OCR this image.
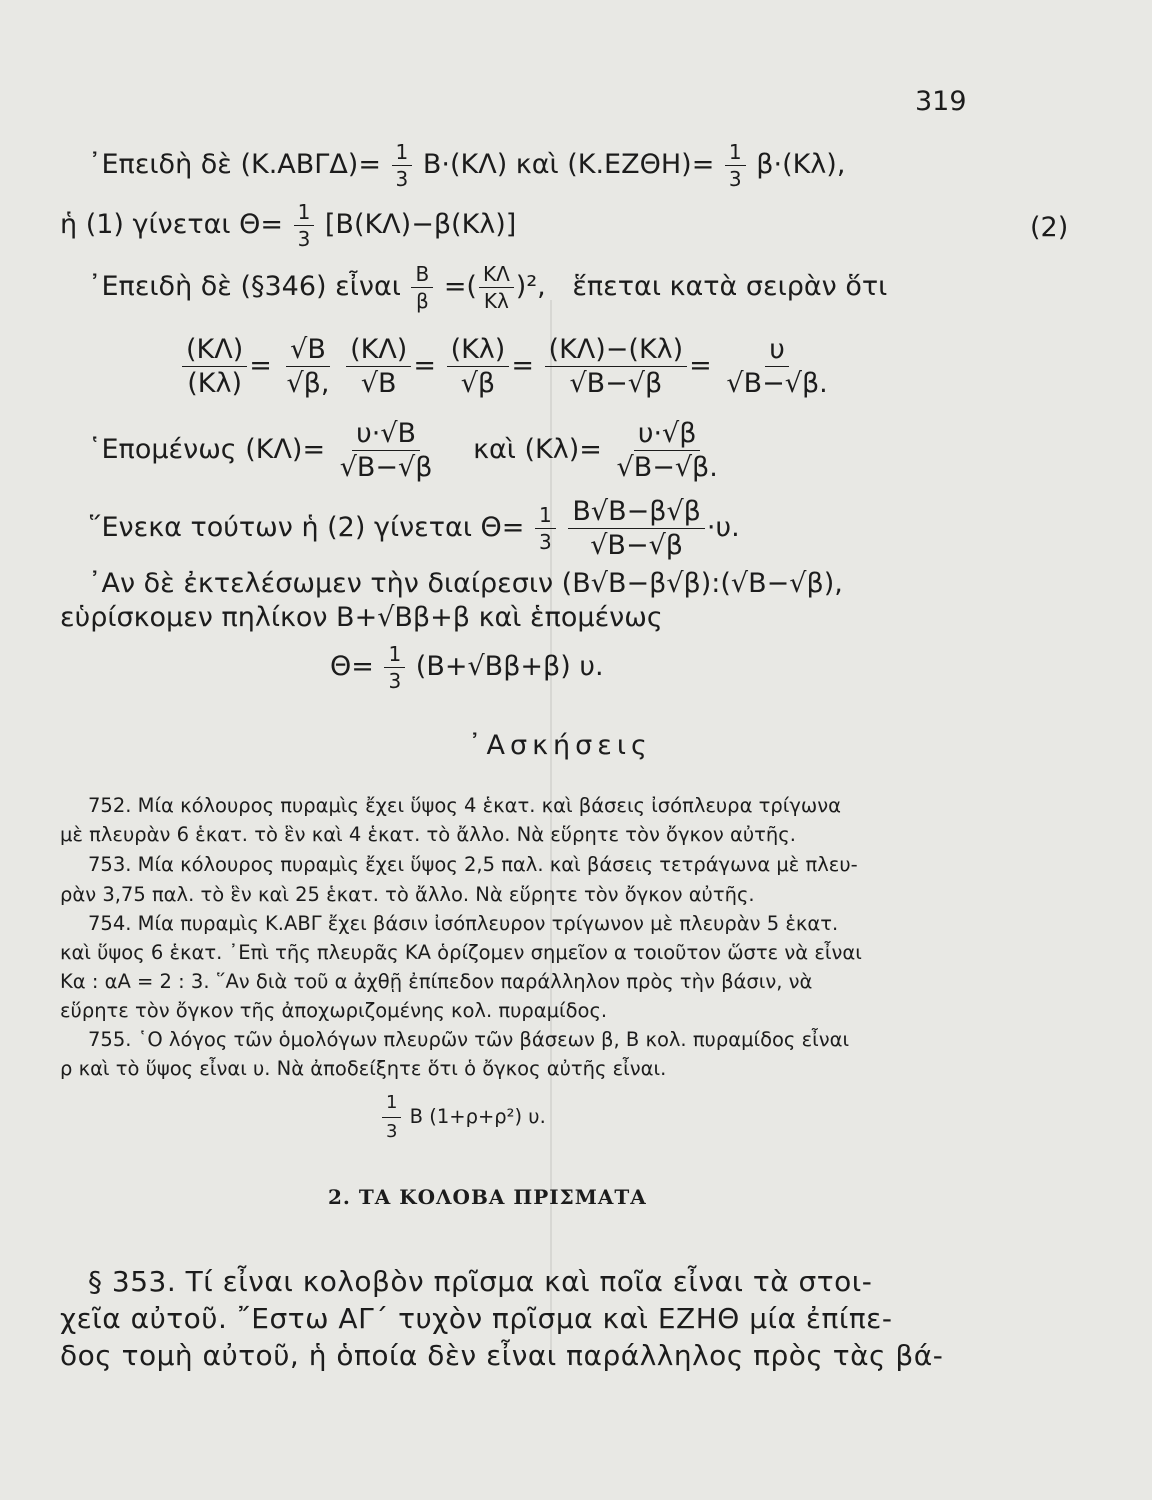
319
᾿Επειδὴ δὲ $(K.AB\Gamma\Delta)= \frac{1}{3} B\cdot(K\Lambda)$ καὶ $(K.EZ\Theta H)= \frac{1}{3} \beta\cdot(K\lambda)$,
ἡ (1) γίνεται $\Theta= \frac{1}{3} [B(K\Lambda)-\beta(K\lambda)]$	(2)
᾿Επειδὴ δὲ (§346) εἶναι $\frac{B}{\beta}$ =( $\frac{K\Lambda}{K\lambda} )^2$, ἕπεται κατὰ σειρὰν ὅτι
$\frac{(K\Lambda)}{(K\lambda)} = \frac{√B}{√\beta,}$
$\frac{(K\Lambda)}{√B} = \frac{(K\lambda)}{√\beta} = \frac{(K\Lambda)-(K\lambda)}{√B-√\beta} = \frac{\upsilon}{√B-√\beta.}$
῾Επομένως $(K\Lambda)= \frac{\upsilon\cdot√B}{√B-√\beta}$ καὶ $(K\lambda)= \frac{\upsilon\cdot√\beta}{√B-√\beta.}$
῞Ενεκα τούτων ἡ (2) γίνεται $\Theta= \frac{1}{3}$
$\frac{B√B-\beta√\beta}{√B-√\beta} \cdot\upsilon$.
᾿Αν δὲ ἐκτελέσωμεν τὴν διαίρεσιν (Β√Β−β√β):(√Β−√β),
εὑρίσκομεν πηλίκον Β+√Ββ+β καὶ ἑπομένως
$\Theta= \frac{1}{3} (B+√B\beta+\beta)$ υ.
᾿Ασκήσεις
752. Μία κόλουρος πυραμὶς ἔχει ὕψος 4 ἑκατ. καὶ βάσεις ἰσόπλευρα τρίγωνα
μὲ πλευρὰν 6 ἑκατ. τὸ ἓν καὶ 4 ἑκατ. τὸ ἄλλο. Νὰ εὕρητε τὸν ὄγκον αὐτῆς.
753. Μία κόλουρος πυραμὶς ἔχει ὕψος 2,5 παλ. καὶ βάσεις τετράγωνα μὲ πλευ-
ρὰν 3,75 παλ. τὸ ἓν καὶ 25 ἑκατ. τὸ ἄλλο. Νὰ εὕρητε τὸν ὄγκον αὐτῆς.
754. Μία πυραμὶς Κ.ΑΒΓ ἔχει βάσιν ἰσόπλευρον τρίγωνον μὲ πλευρὰν 5 ἑκατ.
καὶ ὕψος 6 ἑκατ. ᾿Επὶ τῆς πλευρᾶς ΚΑ ὁρίζομεν σημεῖον α τοιοῦτον ὥστε νὰ εἶναι
Κα : αΑ = 2 : 3. ῞Αν διὰ τοῦ α ἀχθῇ ἐπίπεδον παράλληλον πρὸς τὴν βάσιν, νὰ
εὕρητε τὸν ὄγκον τῆς ἀποχωριζομένης κολ. πυραμίδος.
755. ῾Ο λόγος τῶν ὁμολόγων πλευρῶν τῶν βάσεων β, Β κολ. πυραμίδος εἶναι
ρ καὶ τὸ ὕψος εἶναι υ. Νὰ ἀποδείξητε ὅτι ὁ ὄγκος αὐτῆς εἶναι.
$\frac{1}{3}$ Β (1+ρ+ρ²) υ.
2. ΤΑ ΚΟΛΟΒΑ ΠΡΙΣΜΑΤΑ
§ 353. Τί εἶναι κολοβὸν πρῖσμα καὶ ποῖα εἶναι τὰ στοι-
χεῖα αὐτοῦ. ῎Εστω ΑΓ΄ τυχὸν πρῖσμα καὶ ΕΖΗΘ μία ἐπίπε-
δος τομὴ αὐτοῦ, ἡ ὁποία δὲν εἶναι παράλληλος πρὸς τὰς βά-
